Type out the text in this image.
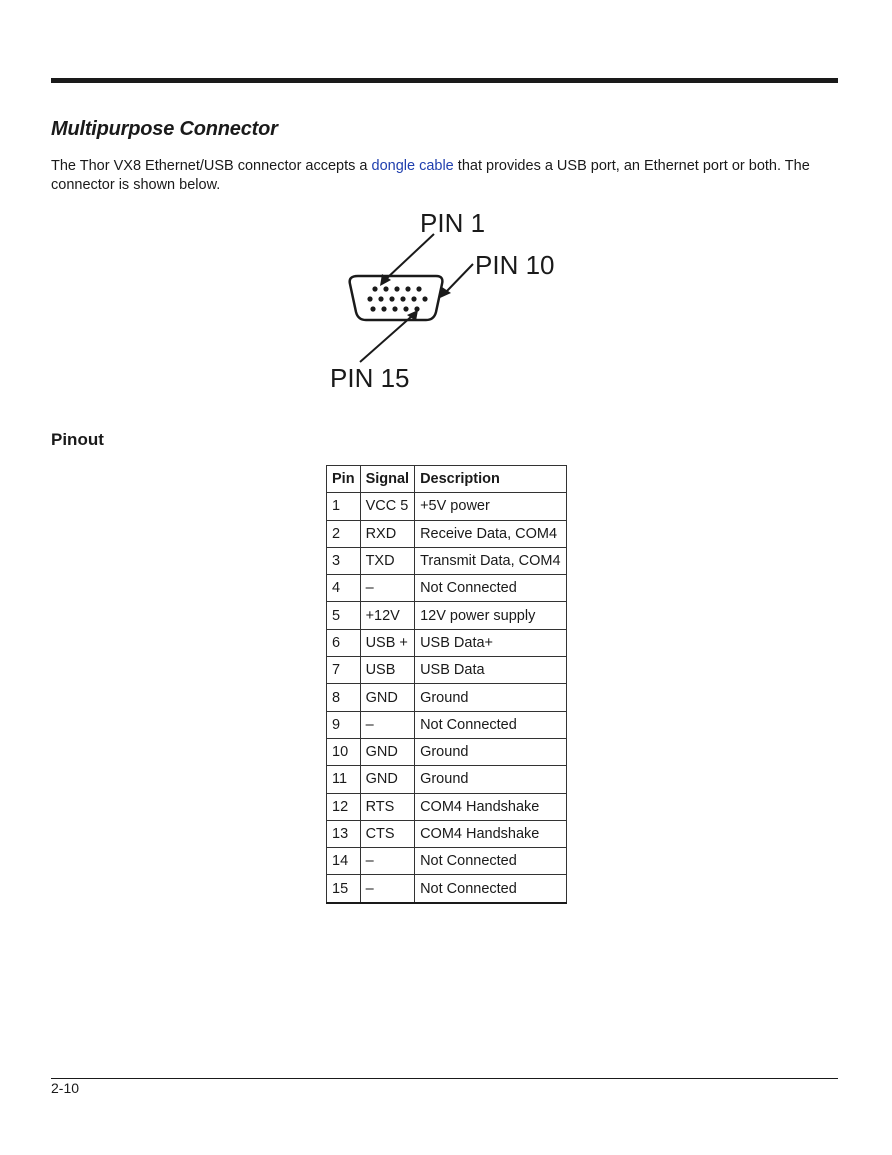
Multipurpose Connector

The Thor VX8 Ethernet/USB connector accepts a dongle cable that provides a USB port, an Ethernet port or both. The connector is shown below.

PIN 1
PIN 10
PIN 15
Pinout
Pin	Signal	Description
1	VCC 5	+5V power
2	RXD	Receive Data, COM4
3	TXD	Transmit Data, COM4
4	–	Not Connected
5	+12V	12V power supply
6	USB +	USB Data+
7	USB	USB Data
8	GND	Ground
9	–	Not Connected
10	GND	Ground
11	GND	Ground
12	RTS	COM4 Handshake
13	CTS	COM4 Handshake
14	–	Not Connected
15	–	Not Connected
2-10
